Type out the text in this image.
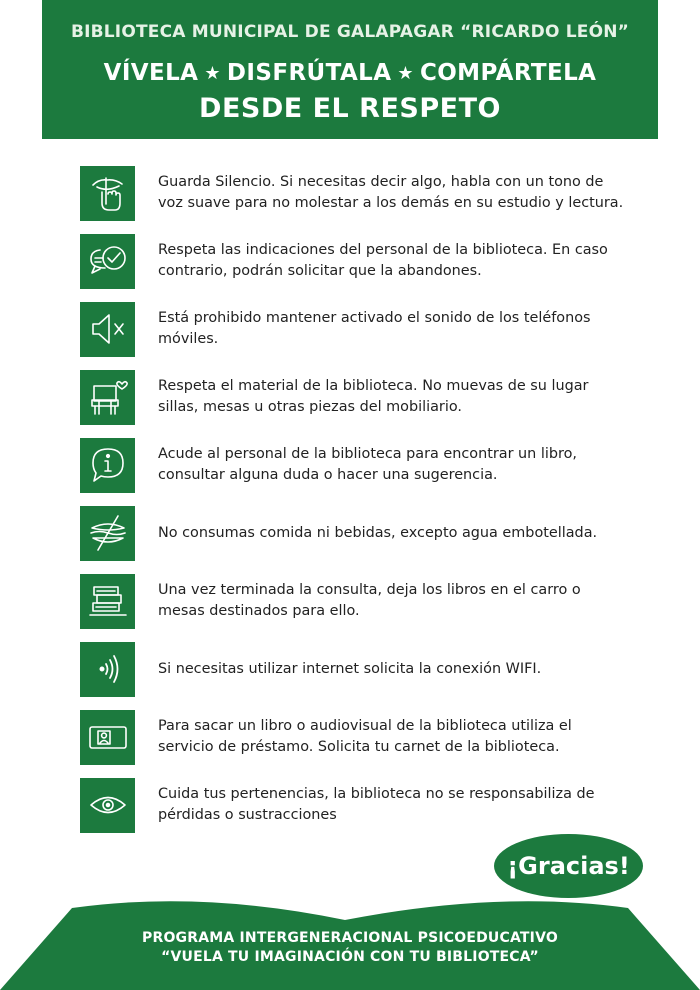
BIBLIOTECA MUNICIPAL DE GALAPAGAR “RICARDO LEÓN”
VÍVELA ★ DISFRÚTALA ★ COMPÁRTELA
DESDE EL RESPETO
Guarda Silencio. Si necesitas decir algo, habla con un tono de voz suave para no molestar a los demás en su estudio y lectura.
Respeta las indicaciones del personal de la biblioteca. En caso contrario, podrán solicitar que la abandones.
Está prohibido mantener activado el sonido de los teléfonos móviles.
Respeta el material de la biblioteca. No muevas de su lugar sillas, mesas u otras piezas del mobiliario.
Acude al personal de la biblioteca para encontrar un libro, consultar alguna duda o hacer una sugerencia.
No consumas comida ni bebidas, excepto agua embotellada.
Una vez terminada la consulta, deja los libros en el carro o mesas destinados para ello.
Si necesitas utilizar internet solicita la conexión WIFI.
Para sacar un libro o audiovisual de la biblioteca utiliza el servicio de préstamo. Solicita tu carnet de la biblioteca.
Cuida tus pertenencias, la biblioteca no se responsabiliza de pérdidas o sustracciones
¡Gracias!
PROGRAMA INTERGENERACIONAL PSICOEDUCATIVO
“VUELA TU IMAGINACIÓN CON TU BIBLIOTECA”
